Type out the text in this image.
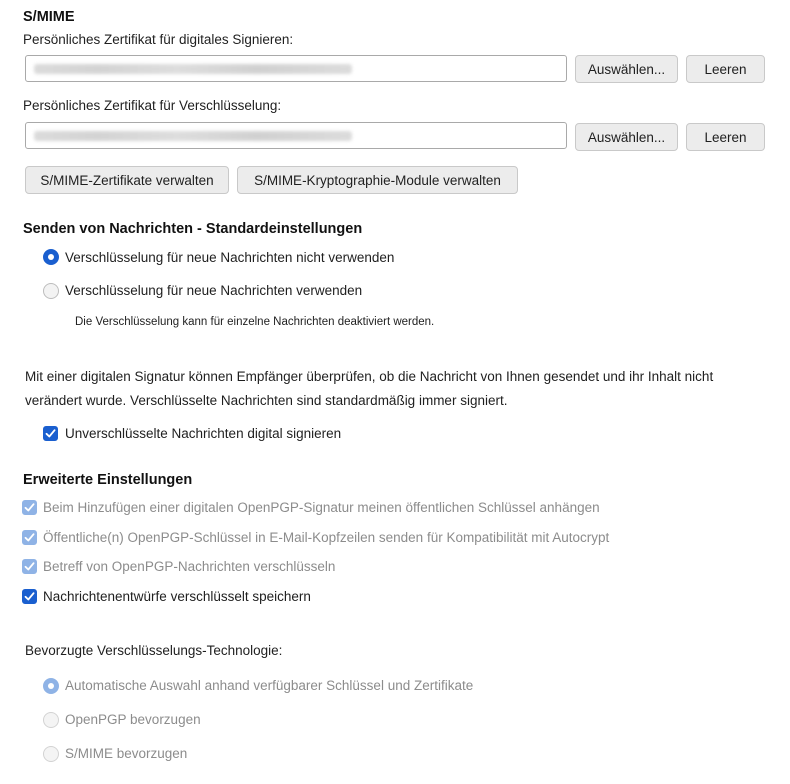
S/MIME
Persönliches Zertifikat für digitales Signieren:
Auswählen...	Leeren
Persönliches Zertifikat für Verschlüsselung:
Auswählen...	Leeren
S/MIME-Zertifikate verwalten	S/MIME-Kryptographie-Module verwalten
Senden von Nachrichten - Standardeinstellungen
Verschlüsselung für neue Nachrichten nicht verwenden
Verschlüsselung für neue Nachrichten verwenden
Die Verschlüsselung kann für einzelne Nachrichten deaktiviert werden.
Mit einer digitalen Signatur können Empfänger überprüfen, ob die Nachricht von Ihnen gesendet und ihr Inhalt nicht
verändert wurde. Verschlüsselte Nachrichten sind standardmäßig immer signiert.
Unverschlüsselte Nachrichten digital signieren
Erweiterte Einstellungen
Beim Hinzufügen einer digitalen OpenPGP-Signatur meinen öffentlichen Schlüssel anhängen
Öffentliche(n) OpenPGP-Schlüssel in E-Mail-Kopfzeilen senden für Kompatibilität mit Autocrypt
Betreff von OpenPGP-Nachrichten verschlüsseln
Nachrichtenentwürfe verschlüsselt speichern
Bevorzugte Verschlüsselungs-Technologie:
Automatische Auswahl anhand verfügbarer Schlüssel und Zertifikate
OpenPGP bevorzugen
S/MIME bevorzugen
